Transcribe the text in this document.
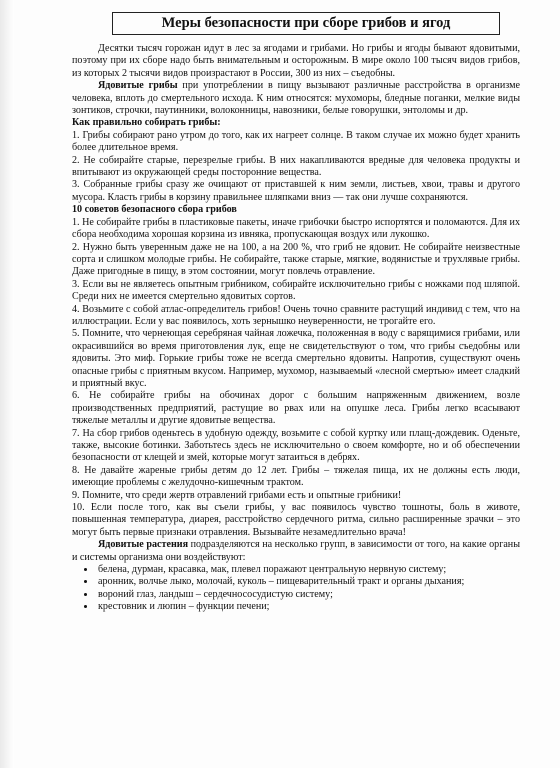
Меры безопасности при сборе грибов и ягод

Десятки тысяч горожан идут в лес за ягодами и грибами. Но грибы и ягоды бывают ядовитыми, поэтому при их сборе надо быть внимательным и осторожным. В мире около 100 тысяч видов грибов, из которых 2 тысячи видов произрастают в России, 300 из них – съедобны.

Ядовитые грибы при употреблении в пищу вызывают различные расстройства в организме человека, вплоть до смертельного исхода. К ним относятся: мухоморы, бледные поганки, мелкие виды зонтиков, строчки, паутинники, волоконницы, навозники, белые говорушки, энтоломы и др.

Как правильно собирать грибы:

1. Грибы собирают рано утром до того, как их нагреет солнце. В таком случае их можно будет хранить более длительное время.

2. Не собирайте старые, перезрелые грибы. В них накапливаются вредные для человека продукты и впитывают из окружающей среды посторонние вещества.

3. Собранные грибы сразу же очищают от приставшей к ним земли, листьев, хвои, травы и другого мусора. Класть грибы в корзину правильнее шляпками вниз — так они лучше сохраняются.

10 советов безопасного сбора грибов

1. Не собирайте грибы в пластиковые пакеты, иначе грибочки быстро испортятся и поломаются. Для их сбора необходима хорошая корзина из ивняка, пропускающая воздух или лукошко.

2. Нужно быть уверенным даже не на 100, а на 200 %, что гриб не ядовит. Не собирайте неизвестные сорта и слишком молодые грибы. Не собирайте, также старые, мягкие, водянистые и трухлявые грибы. Даже пригодные в пищу, в этом состоянии, могут повлечь отравление.

3. Если вы не являетесь опытным грибником, собирайте исключительно грибы с ножками под шляпой. Среди них не имеется смертельно ядовитых сортов.

4. Возьмите с собой атлас-определитель грибов! Очень точно сравните растущий индивид с тем, что на иллюстрации. Если у вас появилось, хоть зернышко неуверенности, не трогайте его.

5. Помните, что чернеющая серебряная чайная ложечка, положенная в воду с варящимися грибами, или окрасившийся во время приготовления лук, еще не свидетельствуют о том, что грибы съедобны или ядовиты. Это миф. Горькие грибы тоже не всегда смертельно ядовиты. Напротив, существуют очень опасные грибы с приятным вкусом. Например, мухомор, называемый «лесной смертью» имеет сладкий и приятный вкус.

6. Не собирайте грибы на обочинах дорог с большим напряженным движением, возле производственных предприятий, растущие во рвах или на опушке леса. Грибы легко всасывают тяжелые металлы и другие ядовитые вещества.

7. На сбор грибов оденьтесь в удобную одежду, возьмите с собой куртку или плащ-дождевик. Оденьте, также, высокие ботинки. Заботьтесь здесь не исключительно о своем комфорте, но и об обеспечении безопасности от клещей и змей, которые могут затаиться в дебрях.

8. Не давайте жареные грибы детям до 12 лет. Грибы – тяжелая пища, их не должны есть люди, имеющие проблемы с желудочно-кишечным трактом.

9. Помните, что среди жертв отравлений грибами есть и опытные грибники!

10. Если после того, как вы съели грибы, у вас появилось чувство тошноты, боль в животе, повышенная температура, диарея, расстройство сердечного ритма, сильно расширенные зрачки – это могут быть первые признаки отравления. Вызывайте незамедлительно врача!

Ядовитые растения подразделяются на несколько групп, в зависимости от того, на какие органы и системы организма они воздействуют:

• белена, дурман, красавка, мак, плевел поражают центральную нервную систему;
• аронник, волчье лыко, молочай, куколь – пищеварительный тракт и органы дыхания;
• вороний глаз, ландыш – сердечнососудистую систему;
• крестовник и люпин – функции печени;
